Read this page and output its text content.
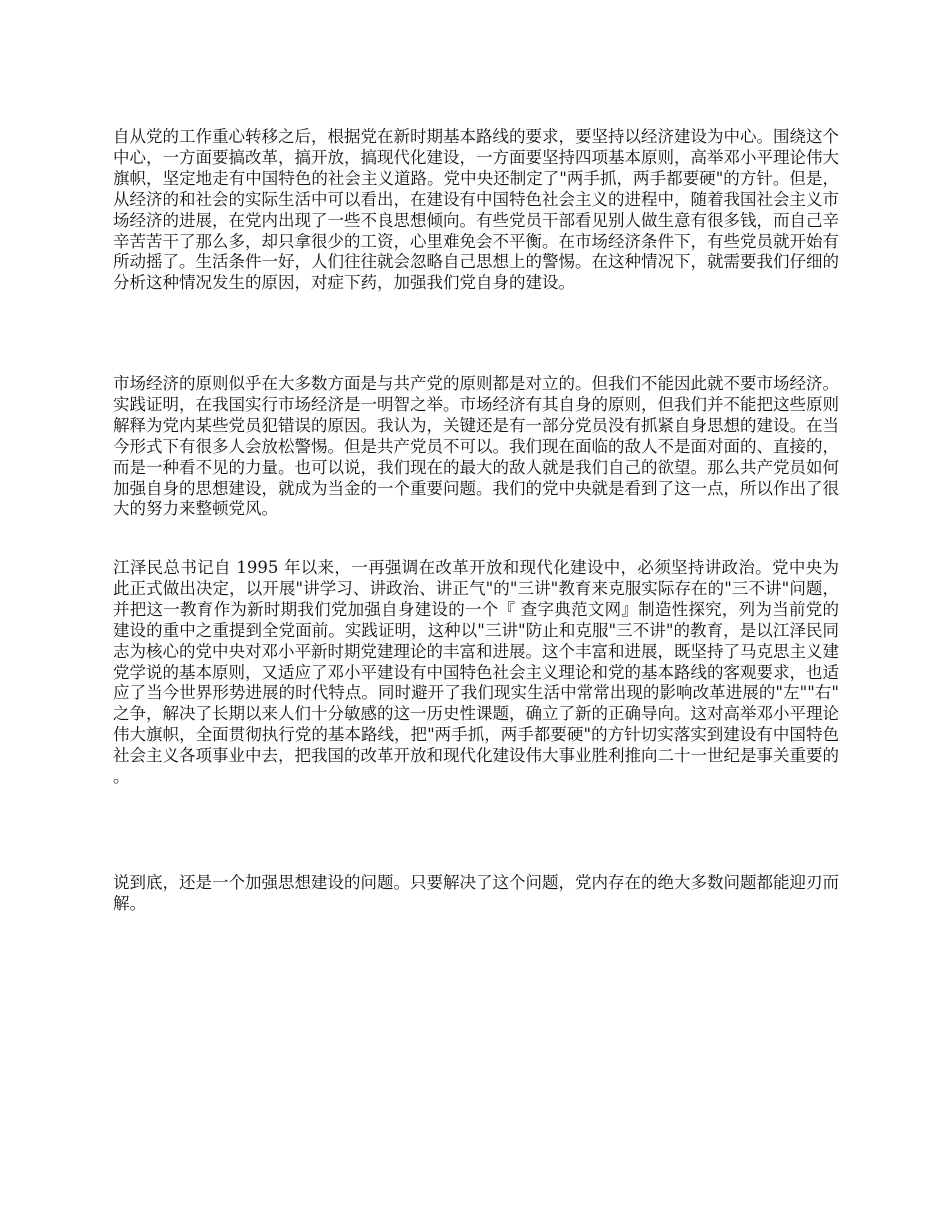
自从党的工作重心转移之后，根据党在新时期基本路线的要求，要坚持以经济建设为中心。围绕这个中心，一方面要搞改革，搞开放，搞现代化建设，一方面要坚持四项基本原则，高举邓小平理论伟大旗帜，坚定地走有中国特色的社会主义道路。党中央还制定了"两手抓，两手都要硬"的方针。但是，从经济的和社会的实际生活中可以看出，在建设有中国特色社会主义的进程中，随着我国社会主义市场经济的进展，在党内出现了一些不良思想倾向。有些党员干部看见别人做生意有很多钱，而自己辛辛苦苦干了那么多，却只拿很少的工资，心里难免会不平衡。在市场经济条件下，有些党员就开始有所动摇了。生活条件一好，人们往往就会忽略自己思想上的警惕。在这种情况下，就需要我们仔细的分析这种情况发生的原因，对症下药，加强我们党自身的建设。

市场经济的原则似乎在大多数方面是与共产党的原则都是对立的。但我们不能因此就不要市场经济。实践证明，在我国实行市场经济是一明智之举。市场经济有其自身的原则，但我们并不能把这些原则解释为党内某些党员犯错误的原因。我认为，关键还是有一部分党员没有抓紧自身思想的建设。在当今形式下有很多人会放松警惕。但是共产党员不可以。我们现在面临的敌人不是面对面的、直接的，而是一种看不见的力量。也可以说，我们现在的最大的敌人就是我们自己的欲望。那么共产党员如何加强自身的思想建设，就成为当金的一个重要问题。我们的党中央就是看到了这一点，所以作出了很大的努力来整顿党风。

江泽民总书记自 1995 年以来，一再强调在改革开放和现代化建设中，必须坚持讲政治。党中央为此正式做出决定，以开展"讲学习、讲政治、讲正气"的"三讲"教育来克服实际存在的"三不讲"问题，并把这一教育作为新时期我们党加强自身建设的一个『 查字典范文网』制造性探究，列为当前党的建设的重中之重提到全党面前。实践证明，这种以"三讲"防止和克服"三不讲"的教育，是以江泽民同志为核心的党中央对邓小平新时期党建理论的丰富和进展。这个丰富和进展，既坚持了马克思主义建党学说的基本原则，又适应了邓小平建设有中国特色社会主义理论和党的基本路线的客观要求，也适应了当今世界形势进展的时代特点。同时避开了我们现实生活中常常出现的影响改革进展的"左""右"之争，解决了长期以来人们十分敏感的这一历史性课题，确立了新的正确导向。这对高举邓小平理论伟大旗帜，全面贯彻执行党的基本路线，把"两手抓，两手都要硬"的方针切实落实到建设有中国特色社会主义各项事业中去，把我国的改革开放和现代化建设伟大事业胜利推向二十一世纪是事关重要的。

说到底，还是一个加强思想建设的问题。只要解决了这个问题，党内存在的绝大多数问题都能迎刃而解。
